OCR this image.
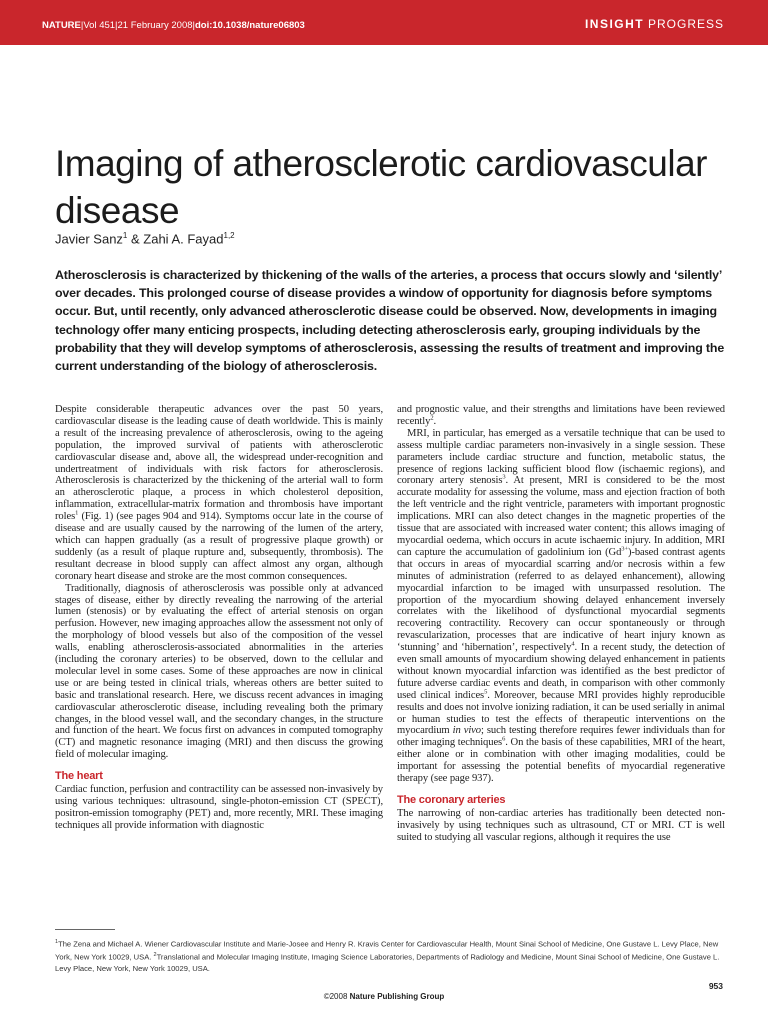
NATURE|Vol 451|21 February 2008|doi:10.1038/nature06803	INSIGHT PROGRESS
Imaging of atherosclerotic cardiovascular disease
Javier Sanz$^1$ & Zahi A. Fayad$^{1,2}$

Atherosclerosis is characterized by thickening of the walls of the arteries, a process that occurs slowly and ‘silently’ over decades. This prolonged course of disease provides a window of opportunity for diagnosis before symptoms occur. But, until recently, only advanced atherosclerotic disease could be observed. Now, developments in imaging technology offer many enticing prospects, including detecting atherosclerosis early, grouping individuals by the probability that they will develop symptoms of atherosclerosis, assessing the results of treatment and improving the current understanding of the biology of atherosclerosis.

Despite considerable therapeutic advances over the past 50 years, cardiovascular disease is the leading cause of death worldwide. This is mainly a result of the increasing prevalence of atherosclerosis, owing to the ageing population, the improved survival of patients with atherosclerotic cardiovascular disease and, above all, the widespread under-recognition and undertreatment of individuals with risk factors for atherosclerosis. Atherosclerosis is characterized by the thickening of the arterial wall to form an atherosclerotic plaque, a process in which cholesterol deposition, inflammation, extracellular-matrix formation and thrombosis have important roles$^1$ (Fig. 1) (see pages 904 and 914). Symptoms occur late in the course of disease and are usually caused by the narrowing of the lumen of the artery, which can happen gradually (as a result of progressive plaque growth) or suddenly (as a result of plaque rupture and, subsequently, thrombosis). The resultant decrease in blood supply can affect almost any organ, although coronary heart disease and stroke are the most common consequences.

Traditionally, diagnosis of atherosclerosis was possible only at advanced stages of disease, either by directly revealing the narrowing of the arterial lumen (stenosis) or by evaluating the effect of arterial stenosis on organ perfusion. However, new imaging approaches allow the assessment not only of the morphology of blood vessels but also of the composition of the vessel walls, enabling atherosclerosis-associated abnormalities in the arteries (including the coronary arteries) to be observed, down to the cellular and molecular level in some cases. Some of these approaches are now in clinical use or are being tested in clinical trials, whereas others are better suited to basic and translational research. Here, we discuss recent advances in imaging cardiovascular atherosclerotic disease, including revealing both the primary changes, in the blood vessel wall, and the secondary changes, in the structure and function of the heart. We focus first on advances in computed tomography (CT) and magnetic resonance imaging (MRI) and then discuss the growing field of molecular imaging.

The heart

Cardiac function, perfusion and contractility can be assessed non-invasively by using various techniques: ultrasound, single-photon-emission CT (SPECT), positron-emission tomography (PET) and, more recently, MRI. These imaging techniques all provide information with diagnostic

and prognostic value, and their strengths and limitations have been reviewed recently$^2$.

MRI, in particular, has emerged as a versatile technique that can be used to assess multiple cardiac parameters non-invasively in a single session. These parameters include cardiac structure and function, metabolic status, the presence of regions lacking sufficient blood flow (ischaemic regions), and coronary artery stenosis$^3$. At present, MRI is considered to be the most accurate modality for assessing the volume, mass and ejection fraction of both the left ventricle and the right ventricle, parameters with important prognostic implications. MRI can also detect changes in the magnetic properties of the tissue that are associated with increased water content; this allows imaging of myocardial oedema, which occurs in acute ischaemic injury. In addition, MRI can capture the accumulation of gadolinium ion $(Gd^{3+})$-based contrast agents that occurs in areas of myocardial scarring and/or necrosis within a few minutes of administration (referred to as delayed enhancement), allowing myocardial infarction to be imaged with unsurpassed resolution. The proportion of the myocardium showing delayed enhancement inversely correlates with the likelihood of dysfunctional myocardial segments recovering contractility. Recovery can occur spontaneously or through revascularization, processes that are indicative of heart injury known as ‘stunning’ and ‘hibernation’, respectively$^4$. In a recent study, the detection of even small amounts of myocardium showing delayed enhancement in patients without known myocardial infarction was identified as the best predictor of future adverse cardiac events and death, in comparison with other commonly used clinical indices$^5$. Moreover, because MRI provides highly reproducible results and does not involve ionizing radiation, it can be used serially in animal or human studies to test the effects of therapeutic interventions on the myocardium in vivo; such testing therefore requires fewer individuals than for other imaging techniques$^6$. On the basis of these capabilities, MRI of the heart, either alone or in combination with other imaging modalities, could be important for assessing the potential benefits of myocardial regenerative therapy (see page 937).

The coronary arteries

The narrowing of non-cardiac arteries has traditionally been detected non-invasively by using techniques such as ultrasound, CT or MRI. CT is well suited to studying all vascular regions, although it requires the use

$^1$The Zena and Michael A. Wiener Cardiovascular Institute and Marie-Josee and Henry R. Kravis Center for Cardiovascular Health, Mount Sinai School of Medicine, One Gustave L. Levy Place, New York, New York 10029, USA. $^2$Translational and Molecular Imaging Institute, Imaging Science Laboratories, Departments of Radiology and Medicine, Mount Sinai School of Medicine, One Gustave L. Levy Place, New York, New York 10029, USA.

953
©2008 Nature Publishing Group
